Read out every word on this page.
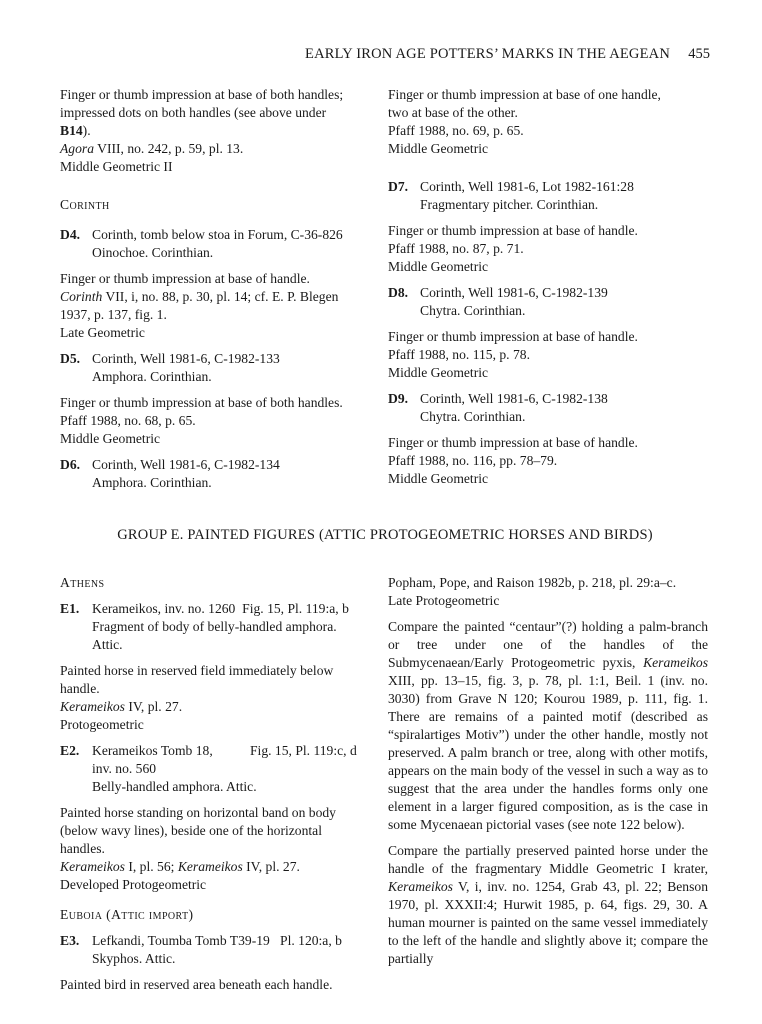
EARLY IRON AGE POTTERS’ MARKS IN THE AEGEAN 455

Finger or thumb impression at base of both handles;
impressed dots on both handles (see above under
B14).
Agora VIII, no. 242, p. 59, pl. 13.
Middle Geometric II

Corinth

D4. Corinth, tomb below stoa in Forum, C-36-826
Oinochoe. Corinthian.

Finger or thumb impression at base of handle.
Corinth VII, i, no. 88, p. 30, pl. 14; cf. E. P. Blegen
1937, p. 137, fig. 1.
Late Geometric

D5. Corinth, Well 1981-6, C-1982-133
Amphora. Corinthian.

Finger or thumb impression at base of both handles.
Pfaff 1988, no. 68, p. 65.
Middle Geometric

D6. Corinth, Well 1981-6, C-1982-134
Amphora. Corinthian.

Finger or thumb impression at base of one handle,
two at base of the other.
Pfaff 1988, no. 69, p. 65.
Middle Geometric

D7. Corinth, Well 1981-6, Lot 1982-161:28
Fragmentary pitcher. Corinthian.

Finger or thumb impression at base of handle.
Pfaff 1988, no. 87, p. 71.
Middle Geometric

D8. Corinth, Well 1981-6, C-1982-139
Chytra. Corinthian.

Finger or thumb impression at base of handle.
Pfaff 1988, no. 115, p. 78.
Middle Geometric

D9. Corinth, Well 1981-6, C-1982-138
Chytra. Corinthian.

Finger or thumb impression at base of handle.
Pfaff 1988, no. 116, pp. 78–79.
Middle Geometric

GROUP E. PAINTED FIGURES (ATTIC PROTOGEOMETRIC HORSES AND BIRDS)

Athens

E1. Kerameikos, inv. no. 1260  Fig. 15, Pl. 119:a, b
Fragment of body of belly-handled amphora.
Attic.

Painted horse in reserved field immediately below
handle.
Kerameikos IV, pl. 27.
Protogeometric

E2. Kerameikos Tomb 18,	Fig. 15, Pl. 119:c, d
inv. no. 560
Belly-handled amphora. Attic.

Painted horse standing on horizontal band on body
(below wavy lines), beside one of the horizontal
handles.
Kerameikos I, pl. 56; Kerameikos IV, pl. 27.
Developed Protogeometric

Euboia (Attic import)

E3. Lefkandi, Toumba Tomb T39-19   Pl. 120:a, b
Skyphos. Attic.

Painted bird in reserved area beneath each handle.

Popham, Pope, and Raison 1982b, p. 218, pl. 29:a–c.
Late Protogeometric

Compare the painted “centaur”(?) holding a palm-branch or tree under one of the handles of the Submycenaean/Early Protogeometric pyxis, Kerameikos XIII, pp. 13–15, fig. 3, p. 78, pl. 1:1, Beil. 1 (inv. no. 3030) from Grave N 120; Kourou 1989, p. 111, fig. 1. There are remains of a painted motif (described as “spiralartiges Motiv”) under the other handle, mostly not preserved. A palm branch or tree, along with other motifs, appears on the main body of the vessel in such a way as to suggest that the area under the handles forms only one element in a larger figured composition, as is the case in some Mycenaean pictorial vases (see note 122 below).

Compare the partially preserved painted horse under the handle of the fragmentary Middle Geometric I krater, Kerameikos V, i, inv. no. 1254, Grab 43, pl. 22; Benson 1970, pl. XXXII:4; Hurwit 1985, p. 64, figs. 29, 30. A human mourner is painted on the same vessel immediately to the left of the handle and slightly above it; compare the partially
